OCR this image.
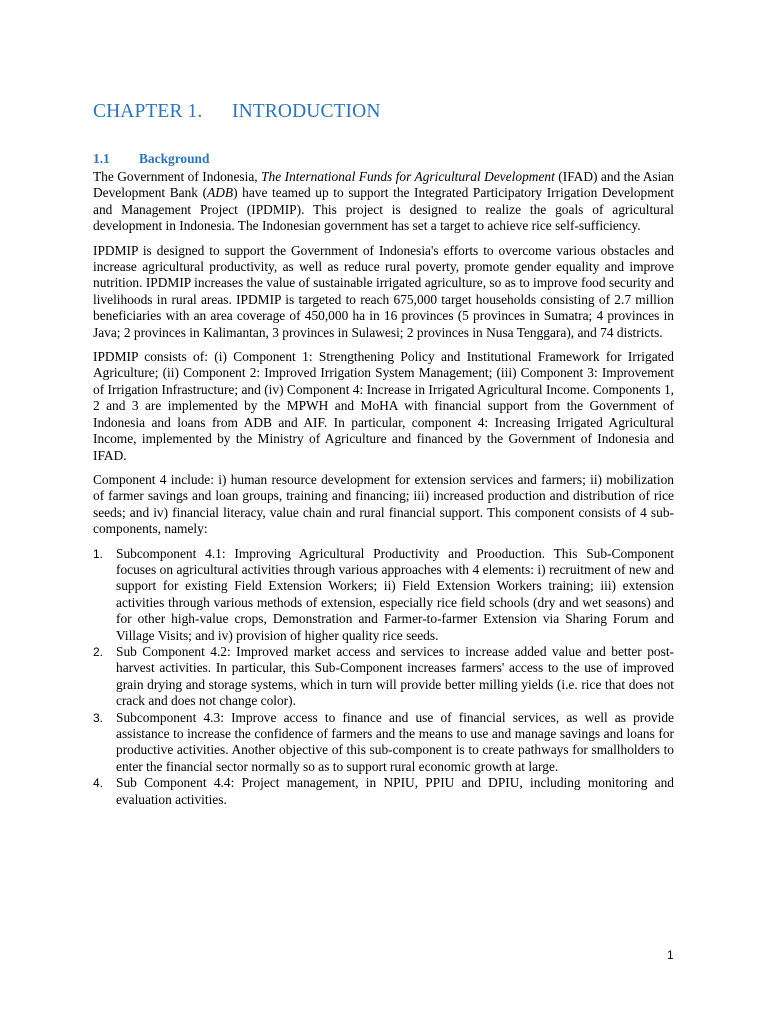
CHAPTER 1. INTRODUCTION
1.1 Background

The Government of Indonesia, The International Funds for Agricultural Development (IFAD) and the Asian Development Bank (ADB) have teamed up to support the Integrated Participatory Irrigation Development and Management Project (IPDMIP). This project is designed to realize the goals of agricultural development in Indonesia. The Indonesian government has set a target to achieve rice self-sufficiency.

IPDMIP is designed to support the Government of Indonesia's efforts to overcome various obstacles and increase agricultural productivity, as well as reduce rural poverty, promote gender equality and improve nutrition. IPDMIP increases the value of sustainable irrigated agriculture, so as to improve food security and livelihoods in rural areas. IPDMIP is targeted to reach 675,000 target households consisting of 2.7 million beneficiaries with an area coverage of 450,000 ha in 16 provinces (5 provinces in Sumatra; 4 provinces in Java; 2 provinces in Kalimantan, 3 provinces in Sulawesi; 2 provinces in Nusa Tenggara), and 74 districts.

IPDMIP consists of: (i) Component 1: Strengthening Policy and Institutional Framework for Irrigated Agriculture; (ii) Component 2: Improved Irrigation System Management; (iii) Component 3: Improvement of Irrigation Infrastructure; and (iv) Component 4: Increase in Irrigated Agricultural Income. Components 1, 2 and 3 are implemented by the MPWH and MoHA with financial support from the Government of Indonesia and loans from ADB and AIF. In particular, component 4: Increasing Irrigated Agricultural Income, implemented by the Ministry of Agriculture and financed by the Government of Indonesia and IFAD.

Component 4 include: i) human resource development for extension services and farmers; ii) mobilization of farmer savings and loan groups, training and financing; iii) increased production and distribution of rice seeds; and iv) financial literacy, value chain and rural financial support. This component consists of 4 sub-components, namely:

1. Subcomponent 4.1: Improving Agricultural Productivity and Prooduction. This Sub-Component focuses on agricultural activities through various approaches with 4 elements: i) recruitment of new and support for existing Field Extension Workers; ii) Field Extension Workers training; iii) extension activities through various methods of extension, especially rice field schools (dry and wet seasons) and for other high-value crops, Demonstration and Farmer-to-farmer Extension via Sharing Forum and Village Visits; and iv) provision of higher quality rice seeds.
2. Sub Component 4.2: Improved market access and services to increase added value and better post-harvest activities. In particular, this Sub-Component increases farmers' access to the use of improved grain drying and storage systems, which in turn will provide better milling yields (i.e. rice that does not crack and does not change color).
3. Subcomponent 4.3: Improve access to finance and use of financial services, as well as provide assistance to increase the confidence of farmers and the means to use and manage savings and loans for productive activities. Another objective of this sub-component is to create pathways for smallholders to enter the financial sector normally so as to support rural economic growth at large.
4. Sub Component 4.4: Project management, in NPIU, PPIU and DPIU, including monitoring and evaluation activities.
1
